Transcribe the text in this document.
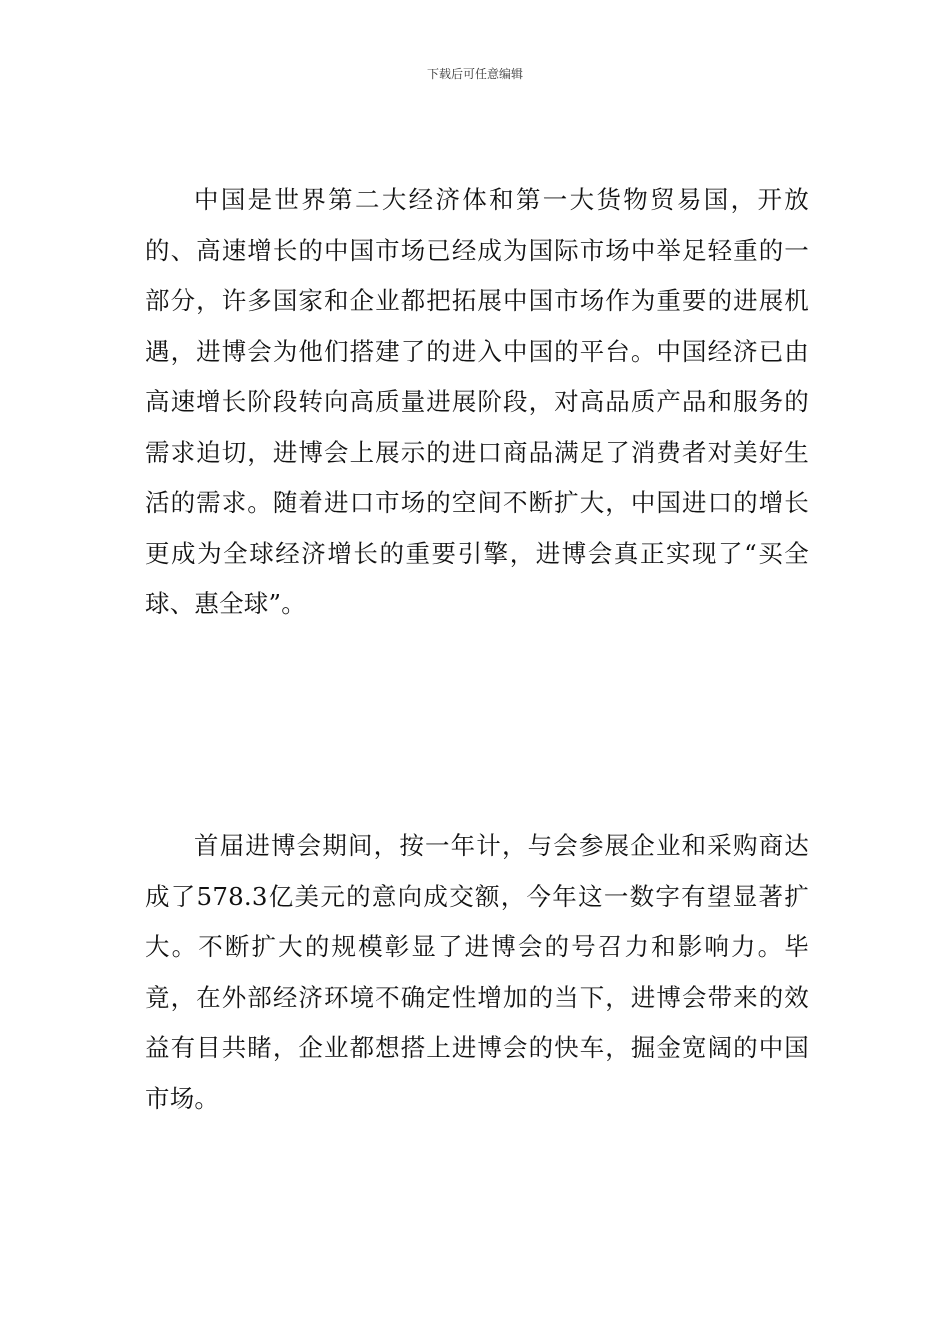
下载后可任意编辑

中国是世界第二大经济体和第一大货物贸易国，开放的、高速增长的中国市场已经成为国际市场中举足轻重的一部分，许多国家和企业都把拓展中国市场作为重要的进展机遇，进博会为他们搭建了的进入中国的平台。中国经济已由高速增长阶段转向高质量进展阶段，对高品质产品和服务的需求迫切，进博会上展示的进口商品满足了消费者对美好生活的需求。随着进口市场的空间不断扩大，中国进口的增长更成为全球经济增长的重要引擎，进博会真正实现了“买全球、惠全球”。

首届进博会期间，按一年计，与会参展企业和采购商达成了578.3亿美元的意向成交额，今年这一数字有望显著扩大。不断扩大的规模彰显了进博会的号召力和影响力。毕竟，在外部经济环境不确定性增加的当下，进博会带来的效益有目共睹，企业都想搭上进博会的快车，掘金宽阔的中国市场。
